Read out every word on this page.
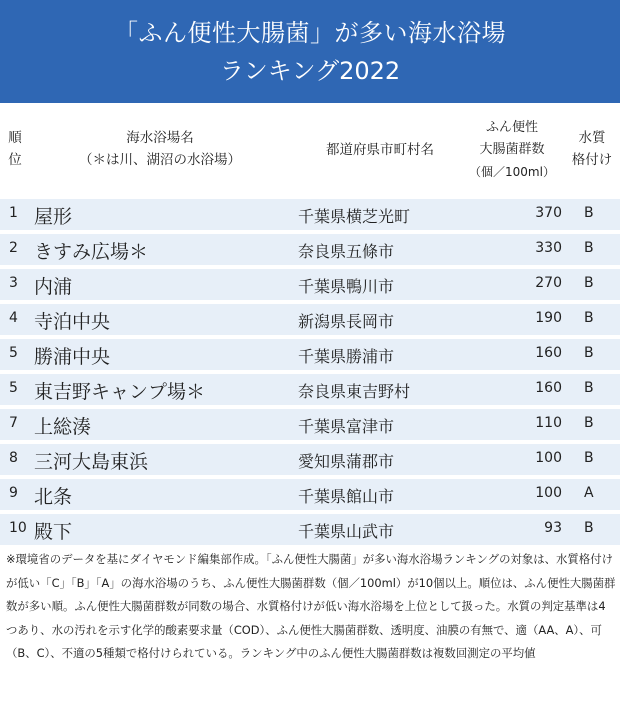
「ふん便性大腸菌」が多い海水浴場
ランキング2022
順
位
海水浴場名
（＊は川、湖沼の水浴場）
都道府県市町村名
ふん便性
大腸菌群数
（個／100ml）
水質
格付け
1 屋形	千葉県横芝光町	370 B
2 きすみ広場＊	奈良県五條市	330 B
3 内浦	千葉県鴨川市	270 B
4 寺泊中央	新潟県長岡市	190 B
5 勝浦中央	千葉県勝浦市	160 B
5 東吉野キャンプ場＊	奈良県東吉野村	160 B
7 上総湊	千葉県富津市	110 B
8 三河大島東浜	愛知県蒲郡市	100 B
9 北条	千葉県館山市	100 A
10 殿下	千葉県山武市	93 B
※環境省のデータを基にダイヤモンド編集部作成。「ふん便性大腸菌」が多い海水浴場ランキングの対象は、水質格付けが低い「C」「B」「A」の海水浴場のうち、ふん便性大腸菌群数（個／100ml）が10個以上。順位は、ふん便性大腸菌群数が多い順。ふん便性大腸菌群数が同数の場合、水質格付けが低い海水浴場を上位として扱った。水質の判定基準は4つあり、水の汚れを示す化学的酸素要求量（COD）、ふん便性大腸菌群数、透明度、油膜の有無で、適（AA、A）、可（B、C）、不適の5種類で格付けられている。ランキング中のふん便性大腸菌群数は複数回測定の平均値
